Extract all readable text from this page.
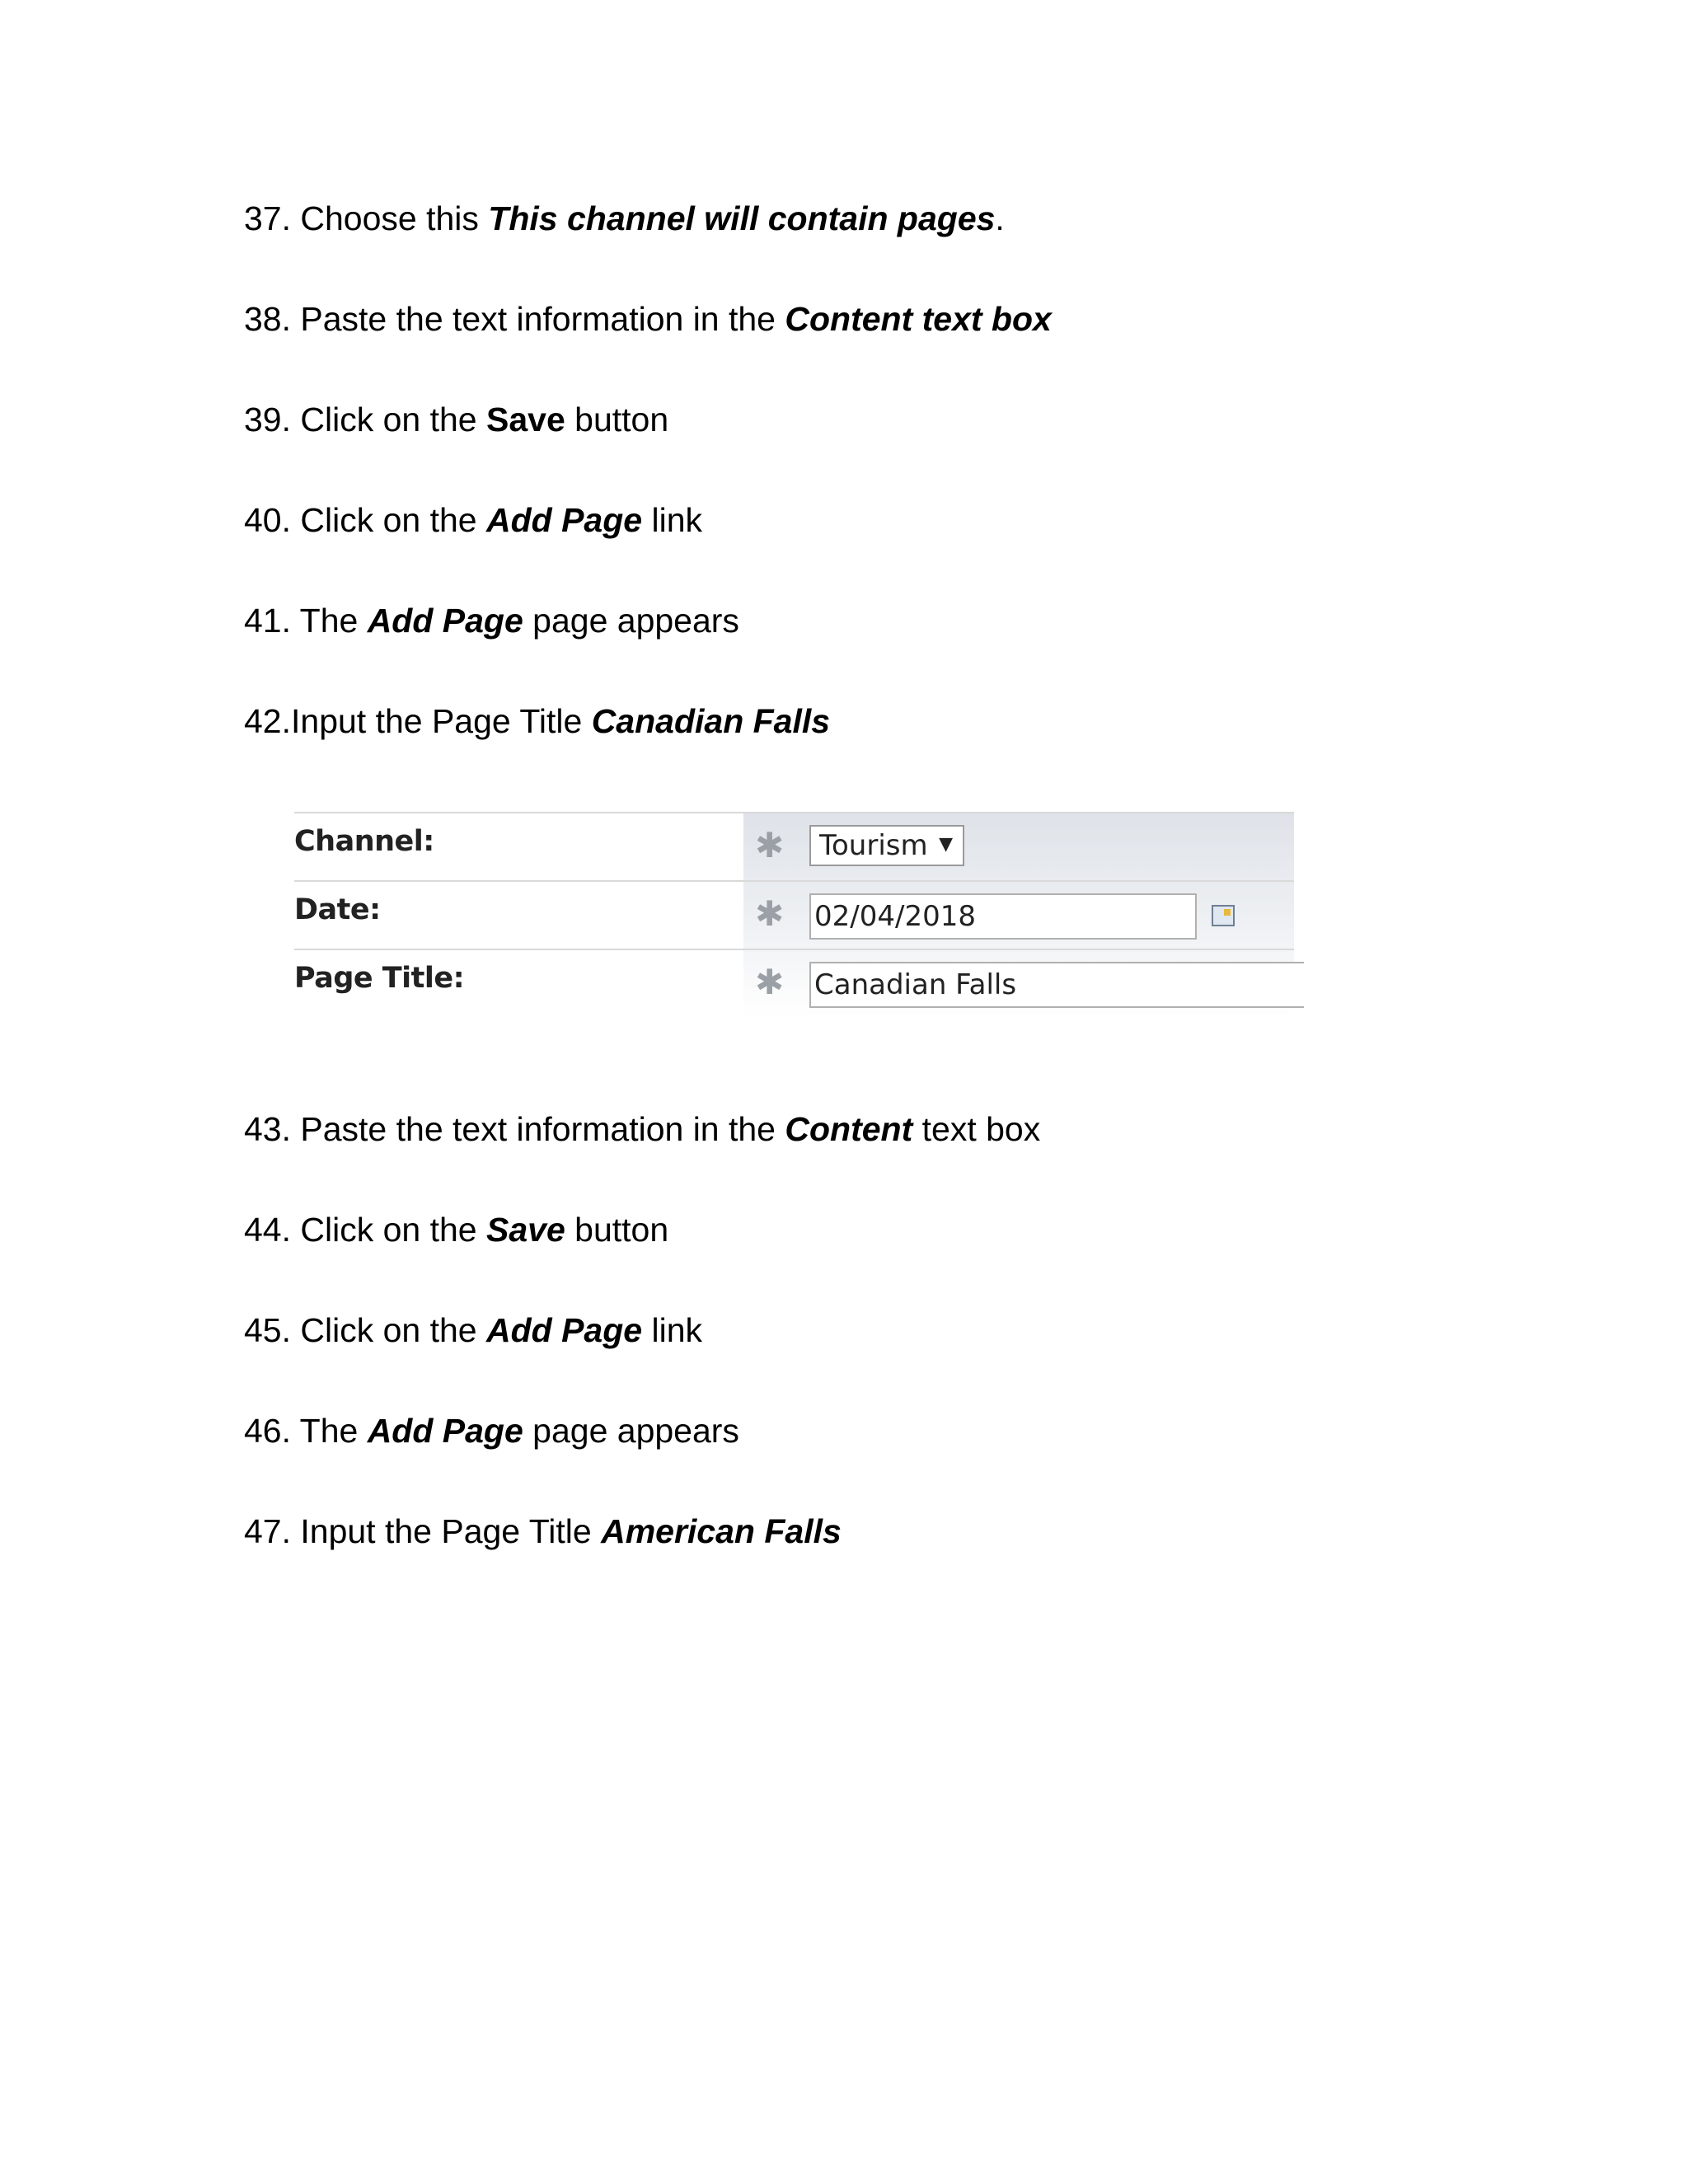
37. Choose this This channel will contain pages.
38. Paste the text information in the Content text box
39. Click on the Save button
40. Click on the Add Page link
41. The Add Page page appears
42.Input the Page Title Canadian Falls
Channel:	✱	Tourism ▼
Date:	✱ 02/04/2018
Page Title:	✱ Canadian Falls
43. Paste the text information in the Content text box
44. Click on the Save button
45. Click on the Add Page link
46. The Add Page page appears
47. Input the Page Title American Falls
